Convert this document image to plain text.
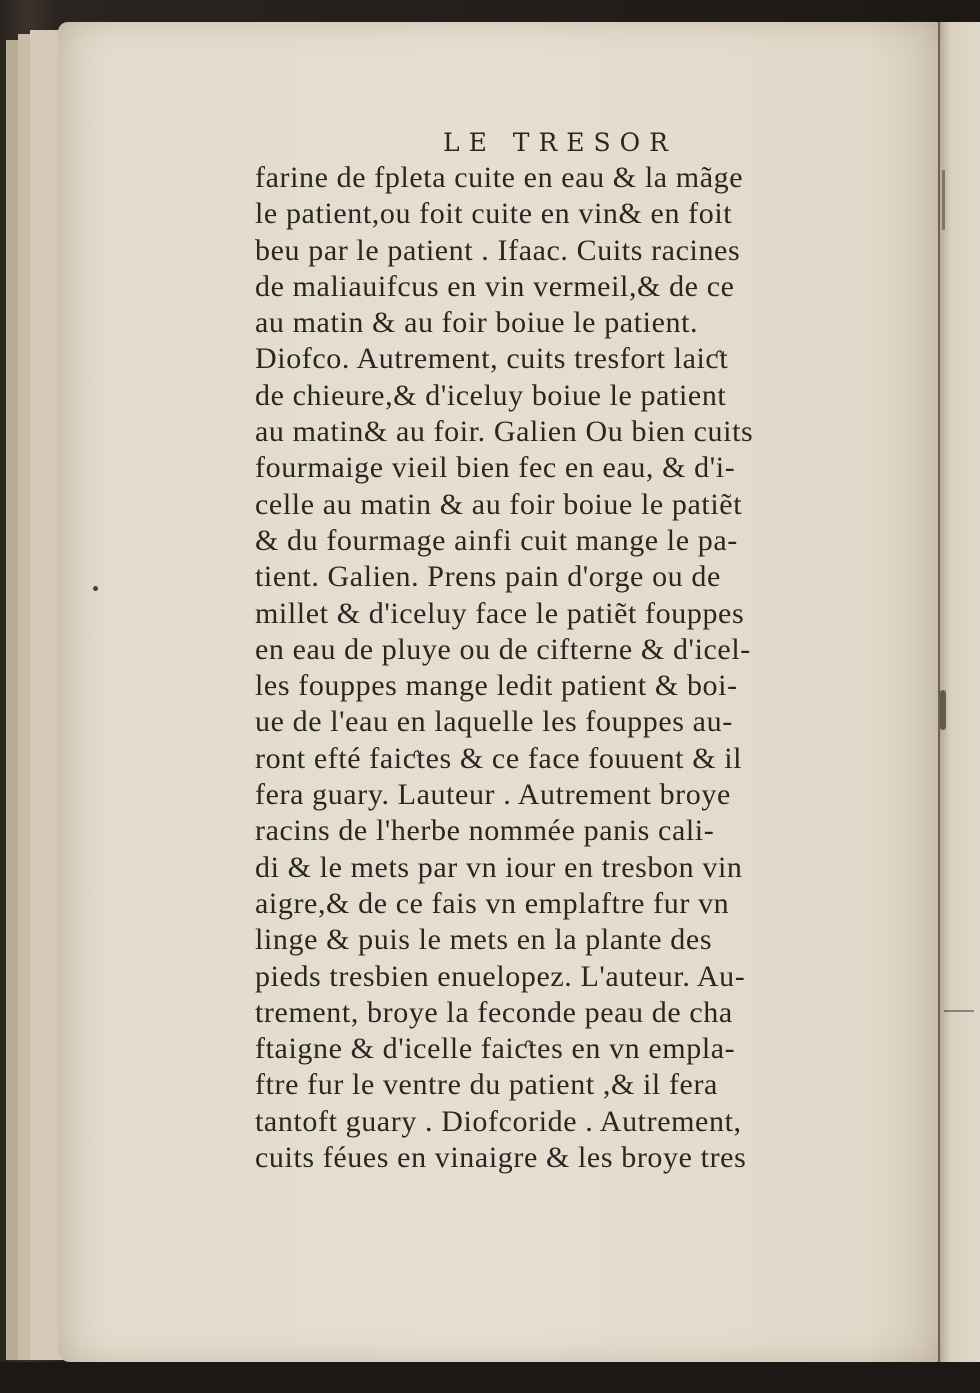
LE TRESOR
farine de fpleta cuite en eau & la mãge
le patient,ou foit cuite en vin& en foit
beu par le patient . Ifaac. Cuits racines
de maliauifcus en vin vermeil,& de ce
au matin & au foir boiue le patient.
Diofco. Autrement, cuits tresfort laiƈt
de chieure,& d'iceluy boiue le patient
au matin& au foir. Galien Ou bien cuits
fourmaige vieil bien fec en eau, & d'i-
celle au matin & au foir boiue le patiẽt
& du fourmage ainfi cuit mange le pa-
tient. Galien. Prens pain d'orge ou de
millet & d'iceluy face le patiẽt fouppes
en eau de pluye ou de cifterne & d'icel-
les fouppes mange ledit patient & boi-
ue de l'eau en laquelle les fouppes au-
ront efté faiƈtes & ce face fouuent & il
fera guary. Lauteur . Autrement broye
racins de l'herbe nommée panis cali-
di & le mets par vn iour en tresbon vin
aigre,& de ce fais vn emplaftre fur vn
linge & puis le mets en la plante des
pieds tresbien enuelopez. L'autеur. Au-
trement, broye la feconde peau de cha
ftaigne & d'icelle faiƈtes en vn empla-
ftre fur le ventre du patient ,& il fera
tantoft guary . Diofcoride . Autrement,
cuits féues en vinaigre & les broye tres
